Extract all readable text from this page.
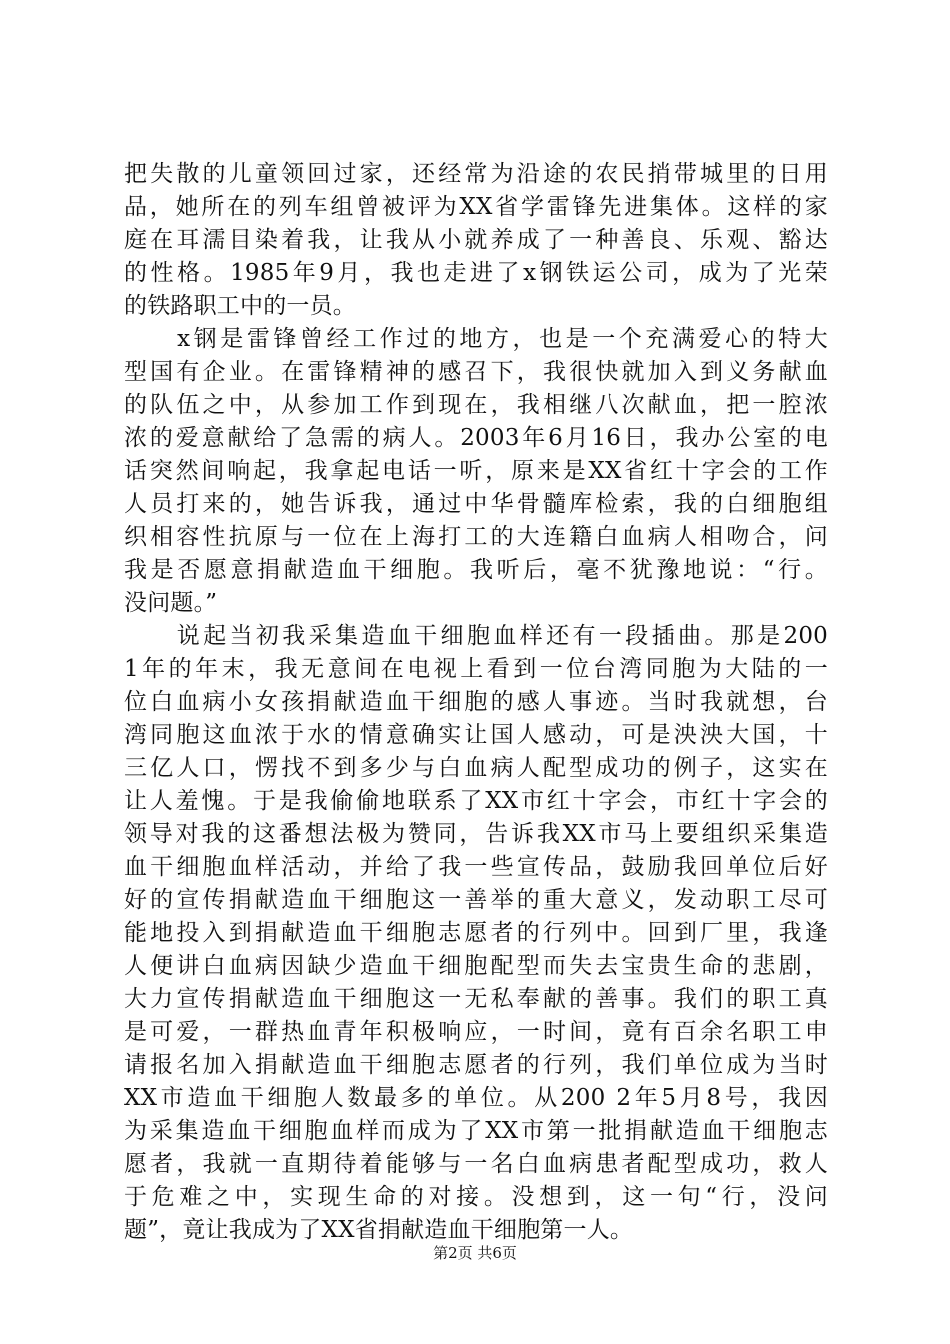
把失散的儿童领回过家，还经常为沿途的农民捎带城里的日用
品，她所在的列车组曾被评为XX省学雷锋先进集体。这样的家
庭在耳濡目染着我，让我从小就养成了一种善良、乐观、豁达
的性格。1985年9月，我也走进了x钢铁运公司，成为了光荣
的铁路职工中的一员。
　　x钢是雷锋曾经工作过的地方，也是一个充满爱心的特大
型国有企业。在雷锋精神的感召下，我很快就加入到义务献血
的队伍之中，从参加工作到现在，我相继八次献血，把一腔浓
浓的爱意献给了急需的病人。2003年6月16日，我办公室的电
话突然间响起，我拿起电话一听，原来是XX省红十字会的工作
人员打来的，她告诉我，通过中华骨髓库检索，我的白细胞组
织相容性抗原与一位在上海打工的大连籍白血病人相吻合，问
我是否愿意捐献造血干细胞。我听后，毫不犹豫地说：“行。
没问题。”
　　说起当初我采集造血干细胞血样还有一段插曲。那是200
1年的年末，我无意间在电视上看到一位台湾同胞为大陆的一
位白血病小女孩捐献造血干细胞的感人事迹。当时我就想，台
湾同胞这血浓于水的情意确实让国人感动，可是泱泱大国，十
三亿人口，愣找不到多少与白血病人配型成功的例子，这实在
让人羞愧。于是我偷偷地联系了XX市红十字会，市红十字会的
领导对我的这番想法极为赞同，告诉我XX市马上要组织采集造
血干细胞血样活动，并给了我一些宣传品，鼓励我回单位后好
好的宣传捐献造血干细胞这一善举的重大意义，发动职工尽可
能地投入到捐献造血干细胞志愿者的行列中。回到厂里，我逢
人便讲白血病因缺少造血干细胞配型而失去宝贵生命的悲剧，
大力宣传捐献造血干细胞这一无私奉献的善事。我们的职工真
是可爱，一群热血青年积极响应，一时间，竟有百余名职工申
请报名加入捐献造血干细胞志愿者的行列，我们单位成为当时
XX市造血干细胞人数最多的单位。从200 2年5月8号，我因
为采集造血干细胞血样而成为了XX市第一批捐献造血干细胞志
愿者，我就一直期待着能够与一名白血病患者配型成功，救人
于危难之中，实现生命的对接。没想到，这一句“行，没问
题”，竟让我成为了XX省捐献造血干细胞第一人。
第2页 共6页
